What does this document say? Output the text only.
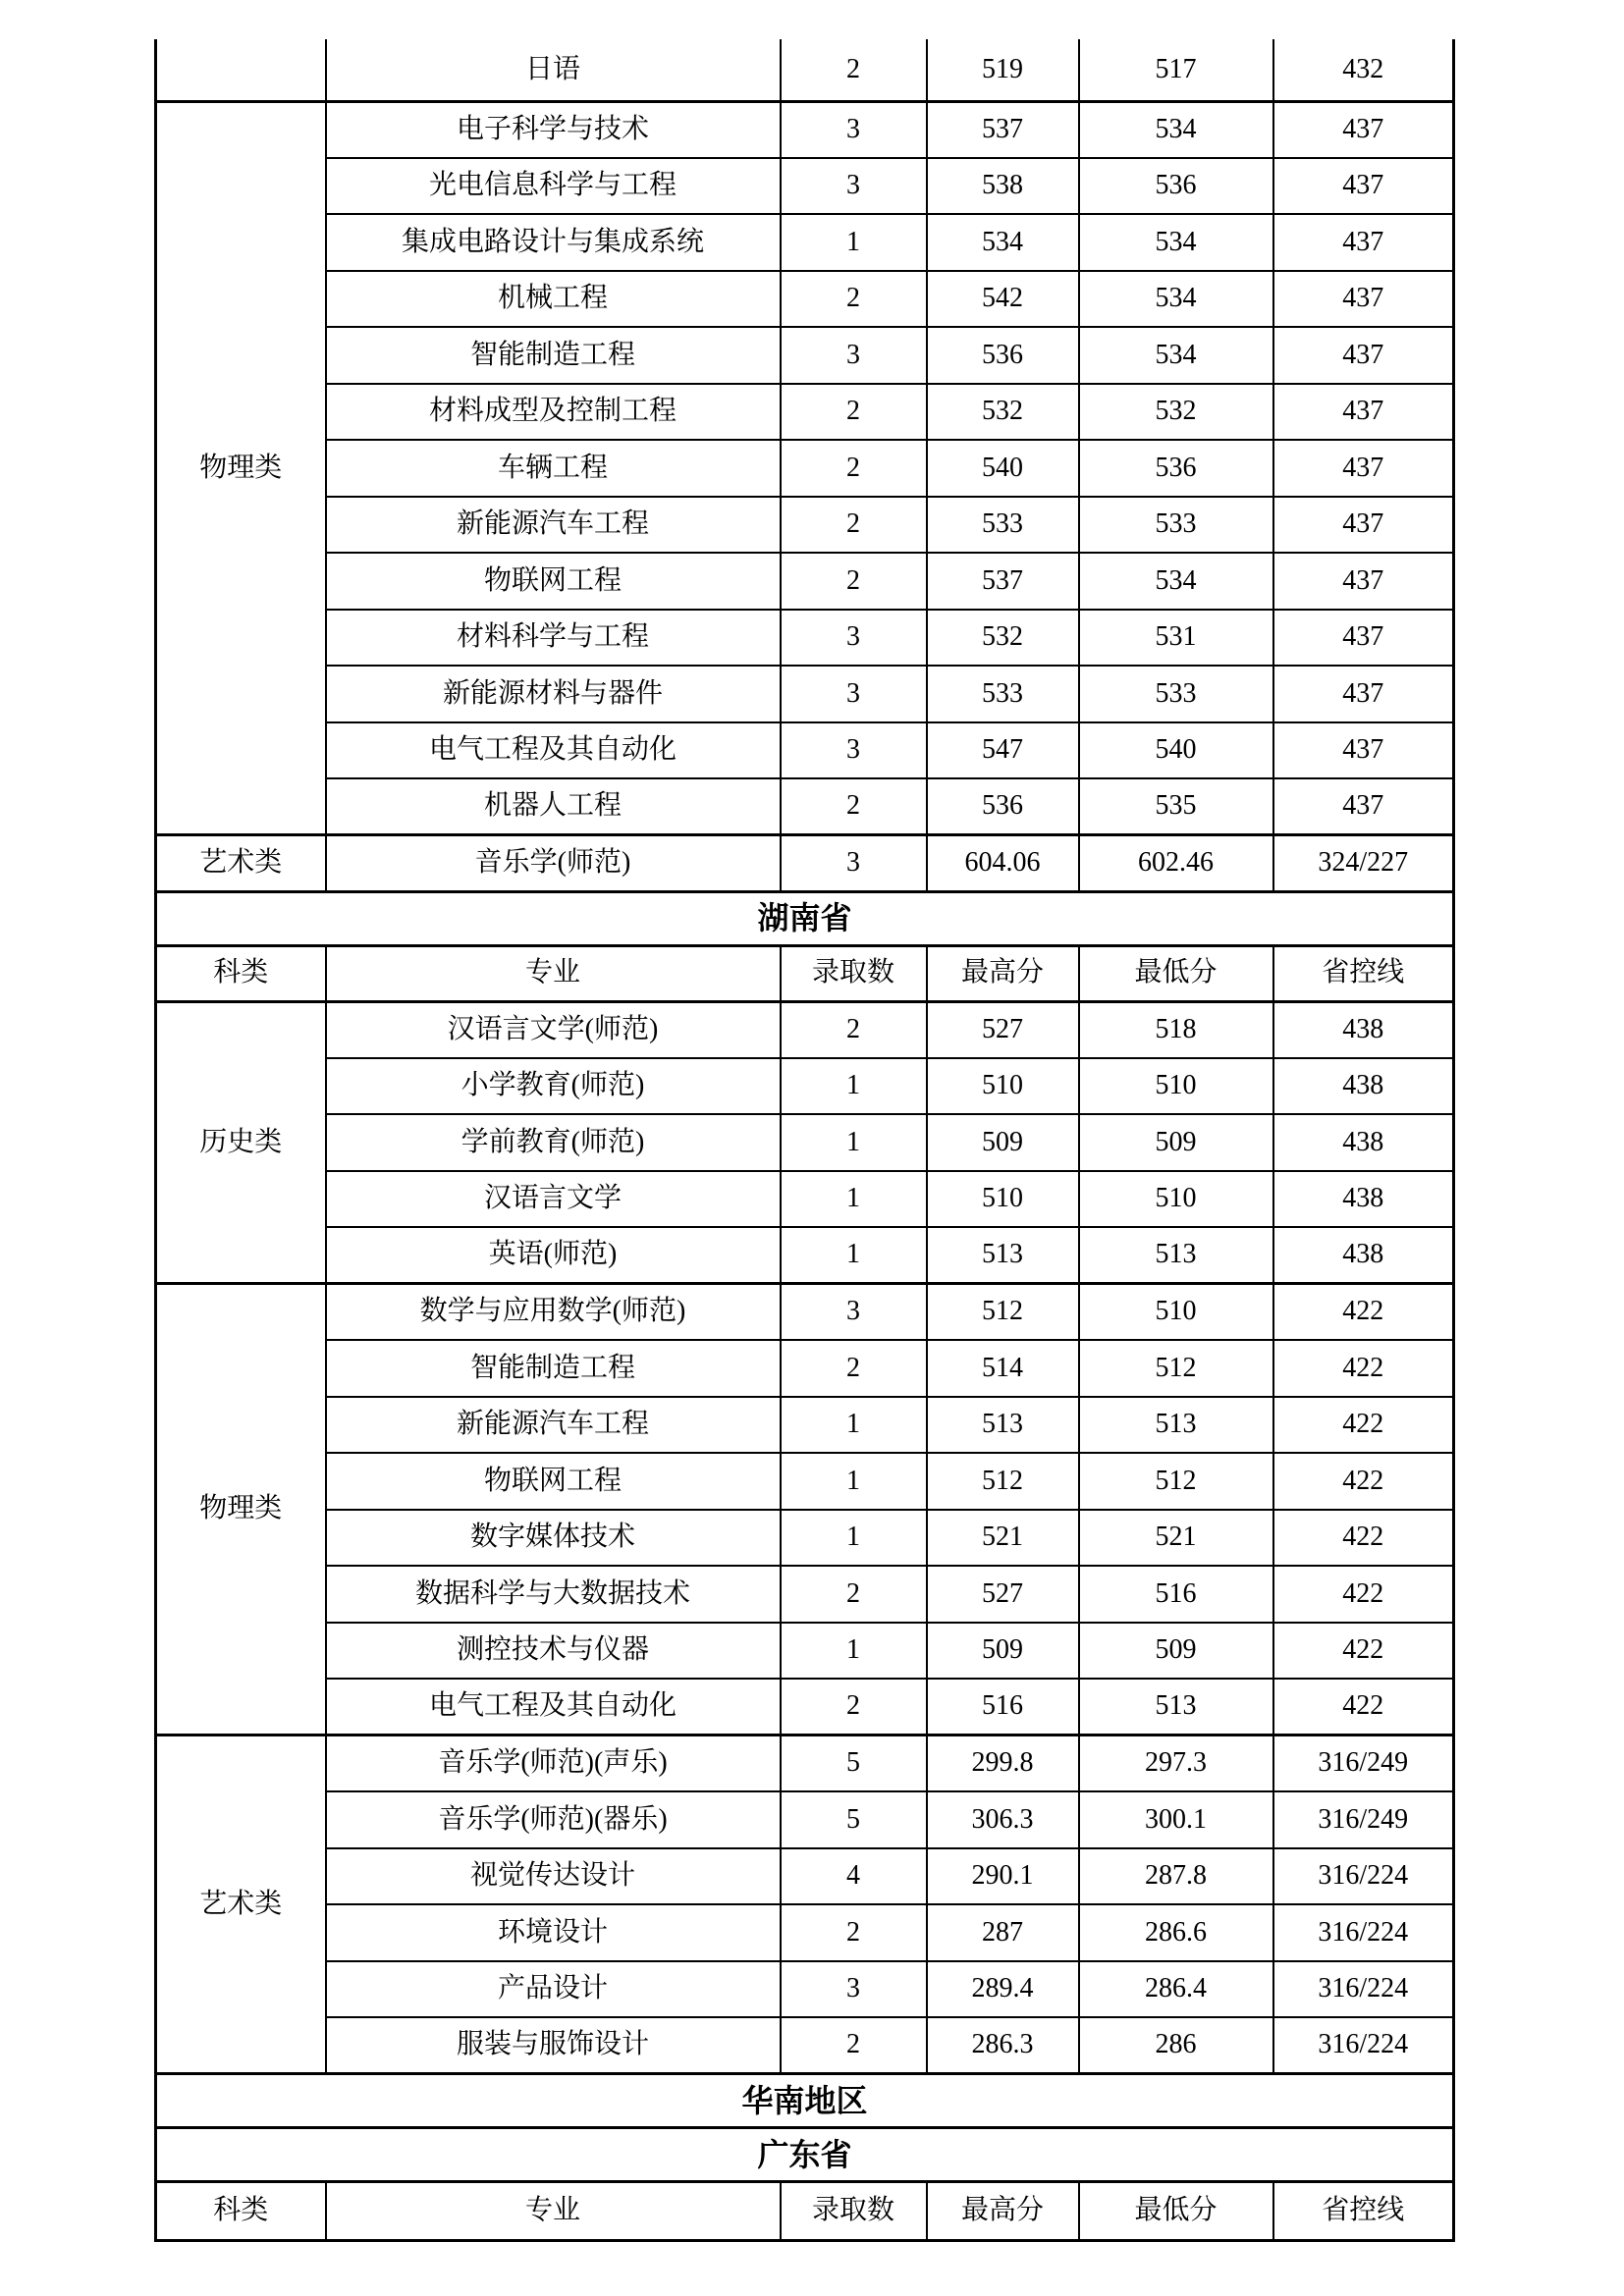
	日语	2	519	517	432
物理类	电子科学与技术	3	537	534	437
	光电信息科学与工程	3	538	536	437
	集成电路设计与集成系统	1	534	534	437
	机械工程	2	542	534	437
	智能制造工程	3	536	534	437
	材料成型及控制工程	2	532	532	437
	车辆工程	2	540	536	437
	新能源汽车工程	2	533	533	437
	物联网工程	2	537	534	437
	材料科学与工程	3	532	531	437
	新能源材料与器件	3	533	533	437
	电气工程及其自动化	3	547	540	437
	机器人工程	2	536	535	437
艺术类	音乐学(师范)	3	604.06	602.46	324/227
湖南省					
科类	专业	录取数	最高分	最低分	省控线
历史类	汉语言文学(师范)	2	527	518	438
	小学教育(师范)	1	510	510	438
	学前教育(师范)	1	509	509	438
	汉语言文学	1	510	510	438
	英语(师范)	1	513	513	438
物理类	数学与应用数学(师范)	3	512	510	422
	智能制造工程	2	514	512	422
	新能源汽车工程	1	513	513	422
	物联网工程	1	512	512	422
	数字媒体技术	1	521	521	422
	数据科学与大数据技术	2	527	516	422
	测控技术与仪器	1	509	509	422
	电气工程及其自动化	2	516	513	422
艺术类	音乐学(师范)(声乐)	5	299.8	297.3	316/249
	音乐学(师范)(器乐)	5	306.3	300.1	316/249
	视觉传达设计	4	290.1	287.8	316/224
	环境设计	2	287	286.6	316/224
	产品设计	3	289.4	286.4	316/224
	服装与服饰设计	2	286.3	286	316/224
华南地区					
广东省					
科类	专业	录取数	最高分	最低分	省控线
